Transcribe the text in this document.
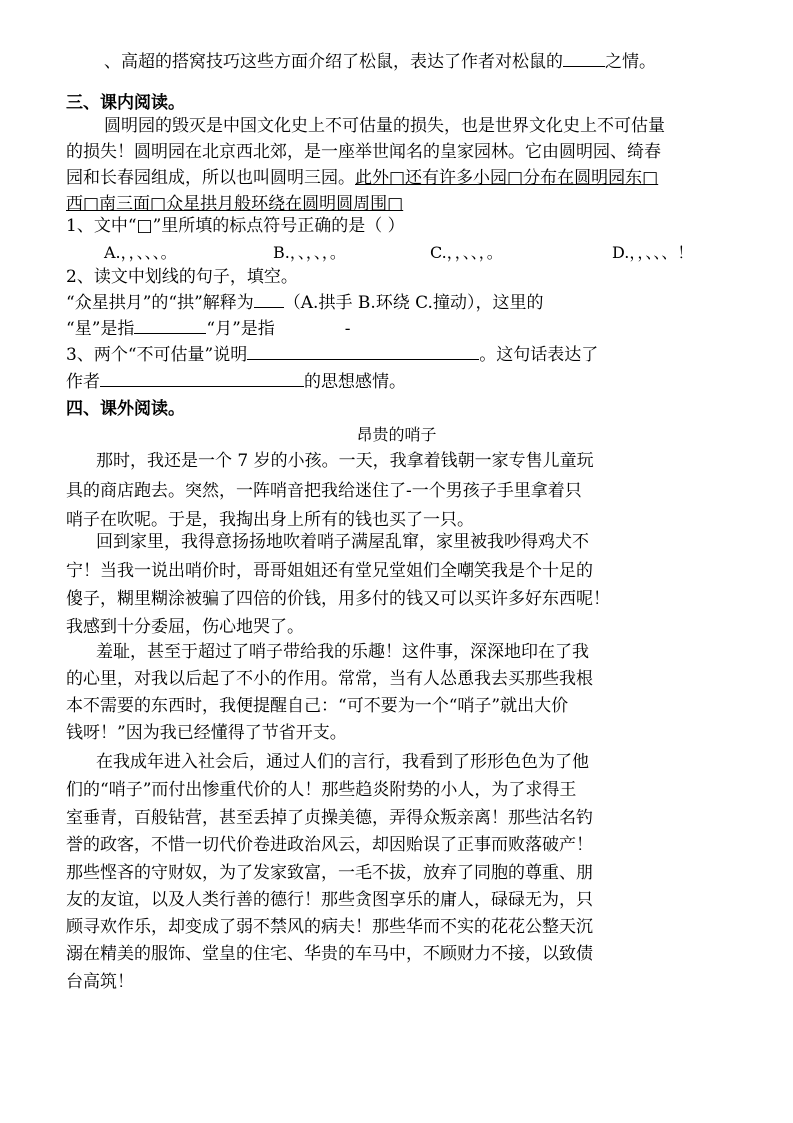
、高超的搭窝技巧这些方面介绍了松鼠，表达了作者对松鼠的 之情。
三、课内阅读。
圆明园的毁灭是中国文化史上不可估量的损失，也是世界文化史上不可估量
的损失！圆明园在北京西北郊，是一座举世闻名的皇家园林。它由圆明园、绮春
园和长春园组成，所以也叫圆明三园。此外□还有许多小园□分布在圆明园东□
西□南三面□众星拱月般环绕在圆明圆周围□
1、文中“□”里所填的标点符号正确的是（ ）
A.，，、、、。	B.，、，、，。	C.，，、、，。	D.，，、、、！
2、读文中划线的句子，填空。
“众星拱月”的“拱”解释为 （A.拱手 B.环绕 C.撞动），这里的
“星”是指	“月”是指	-
3、两个“不可估量”说明	。这句话表达了
作者	的思想感情。
四、课外阅读。
昂贵的哨子
那时，我还是一个 7 岁的小孩。一天，我拿着钱朝一家专售儿童玩
具的商店跑去。突然，一阵哨音把我给迷住了-一个男孩子手里拿着只
哨子在吹呢。于是，我掏出身上所有的钱也买了一只。
回到家里，我得意扬扬地吹着哨子满屋乱窜，家里被我吵得鸡犬不
宁！当我一说出哨价时，哥哥姐姐还有堂兄堂姐们全嘲笑我是个十足的
傻子，糊里糊涂被骗了四倍的价钱，用多付的钱又可以买许多好东西呢！
我感到十分委屈，伤心地哭了。
羞耻，甚至于超过了哨子带给我的乐趣！这件事，深深地印在了我
的心里，对我以后起了不小的作用。常常，当有人怂恿我去买那些我根
本不需要的东西时，我便提醒自己：“可不要为一个“哨子”就出大价
钱呀！”因为我已经懂得了节省开支。
在我成年进入社会后，通过人们的言行，我看到了形形色色为了他
们的“哨子”而付出惨重代价的人！那些趋炎附势的小人，为了求得王
室垂青，百般钻营，甚至丢掉了贞操美德，弄得众叛亲离！那些沽名钓
誉的政客，不惜一切代价卷进政治风云，却因贻误了正事而败落破产！
那些悭吝的守财奴，为了发家致富，一毛不拔，放弃了同胞的尊重、朋
友的友谊，以及人类行善的德行！那些贪图享乐的庸人，碌碌无为，只
顾寻欢作乐，却变成了弱不禁风的病夫！那些华而不实的花花公整天沉
溺在精美的服饰、堂皇的住宅、华贵的车马中，不顾财力不接，以致债
台高筑！
